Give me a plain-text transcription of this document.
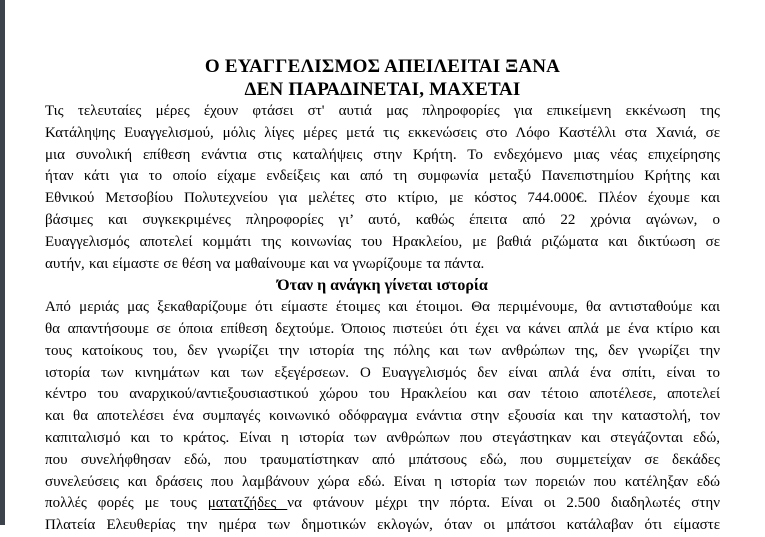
Ο ΕΥΑΓΓΕΛΙΣΜΟΣ ΑΠΕΙΛΕΙΤΑΙ ΞΑΝΑ
ΔΕΝ ΠΑΡΑΔΙΝΕΤΑΙ, ΜΑΧΕΤΑΙ
Τις τελευταίες μέρες έχουν φτάσει στ' αυτιά μας πληροφορίες για επικείμενη εκκένωση της
Κατάληψης Ευαγγελισμού, μόλις λίγες μέρες μετά τις εκκενώσεις στο Λόφο Καστέλλι στα Χανιά, σε
μια συνολική επίθεση ενάντια στις καταλήψεις στην Κρήτη. Το ενδεχόμενο μιας νέας επιχείρησης
ήταν κάτι για το οποίο είχαμε ενδείξεις και από τη συμφωνία μεταξύ Πανεπιστημίου Κρήτης και
Εθνικού Μετσοβίου Πολυτεχνείου για μελέτες στο κτίριο, με κόστος 744.000€. Πλέον έχουμε και
βάσιμες και συγκεκριμένες πληροφορίες γι’ αυτό, καθώς έπειτα από 22 χρόνια αγώνων, ο
Ευαγγελισμός αποτελεί κομμάτι της κοινωνίας του Ηρακλείου, με βαθιά ριζώματα και δικτύωση σε
αυτήν, και είμαστε σε θέση να μαθαίνουμε και να γνωρίζουμε τα πάντα.
Όταν η ανάγκη γίνεται ιστορία
Από μεριάς μας ξεκαθαρίζουμε ότι είμαστε έτοιμες και έτοιμοι. Θα περιμένουμε, θα αντισταθούμε και
θα απαντήσουμε σε όποια επίθεση δεχτούμε. Όποιος πιστεύει ότι έχει να κάνει απλά με ένα κτίριο και
τους κατοίκους του, δεν γνωρίζει την ιστορία της πόλης και των ανθρώπων της, δεν γνωρίζει την
ιστορία των κινημάτων και των εξεγέρσεων. Ο Ευαγγελισμός δεν είναι απλά ένα σπίτι, είναι το
κέντρο του αναρχικού/αντιεξουσιαστικού χώρου του Ηρακλείου και σαν τέτοιο αποτέλεσε, αποτελεί
και θα αποτελέσει ένα συμπαγές κοινωνικό οδόφραγμα ενάντια στην εξουσία και την καταστολή, τον
καπιταλισμό και το κράτος. Είναι η ιστορία των ανθρώπων που στεγάστηκαν και στεγάζονται εδώ,
που συνελήφθησαν εδώ, που τραυματίστηκαν από μπάτσους εδώ, που συμμετείχαν σε δεκάδες
συνελεύσεις και δράσεις που λαμβάνουν χώρα εδώ. Είναι η ιστορία των πορειών που κατέληξαν εδώ
πολλές φορές με τους ματατζήδες να φτάνουν μέχρι την πόρτα. Είναι οι 2.500 διαδηλωτές στην
Πλατεία Ελευθερίας την ημέρα των δημοτικών εκλογών, όταν οι μπάτσοι κατάλαβαν ότι είμαστε
